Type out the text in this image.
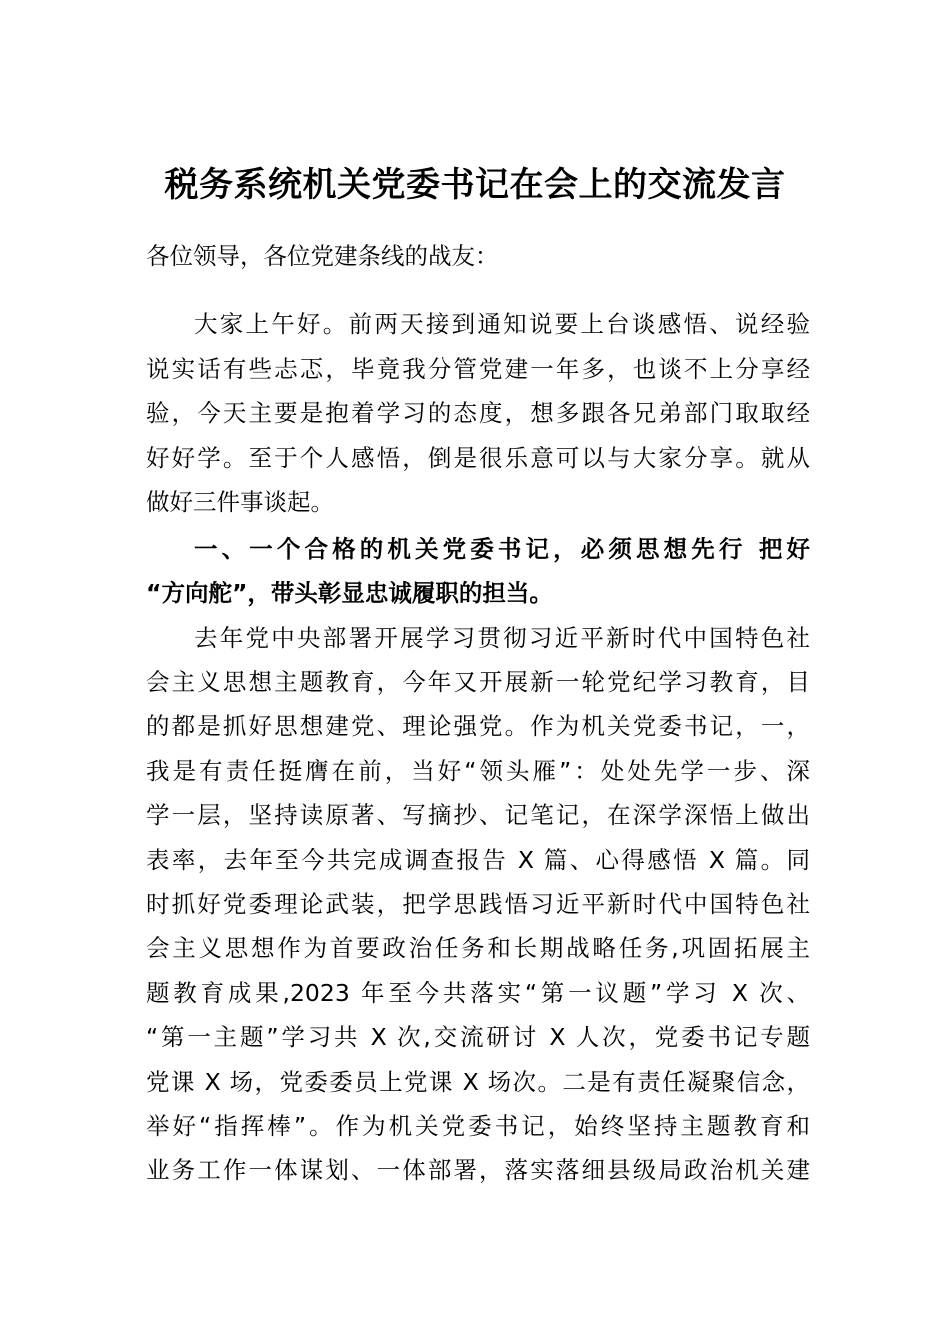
税务系统机关党委书记在会上的交流发言
各位领导，各位党建条线的战友：
大家上午好。前两天接到通知说要上台谈感悟、说经验
说实话有些忐忑，毕竟我分管党建一年多，也谈不上分享经
验，今天主要是抱着学习的态度，想多跟各兄弟部门取取经
好好学。至于个人感悟，倒是很乐意可以与大家分享。就从
做好三件事谈起。
一、一个合格的机关党委书记，必须思想先行 把好
“方向舵”，带头彰显忠诚履职的担当。
去年党中央部署开展学习贯彻习近平新时代中国特色社
会主义思想主题教育，今年又开展新一轮党纪学习教育，目
的都是抓好思想建党、理论强党。作为机关党委书记，一，
我是有责任挺膺在前，当好“领头雁”：处处先学一步、深
学一层，坚持读原著、写摘抄、记笔记，在深学深悟上做出
表率，去年至今共完成调查报告 X 篇、心得感悟 X 篇。同
时抓好党委理论武装，把学思践悟习近平新时代中国特色社
会主义思想作为首要政治任务和长期战略任务,巩固拓展主
题教育成果,2023 年至今共落实“第一议题”学习 X 次、
“第一主题”学习共 X 次,交流研讨 X 人次，党委书记专题
党课 X 场，党委委员上党课 X 场次。二是有责任凝聚信念，
举好“指挥棒”。作为机关党委书记，始终坚持主题教育和
业务工作一体谋划、一体部署，落实落细县级局政治机关建
